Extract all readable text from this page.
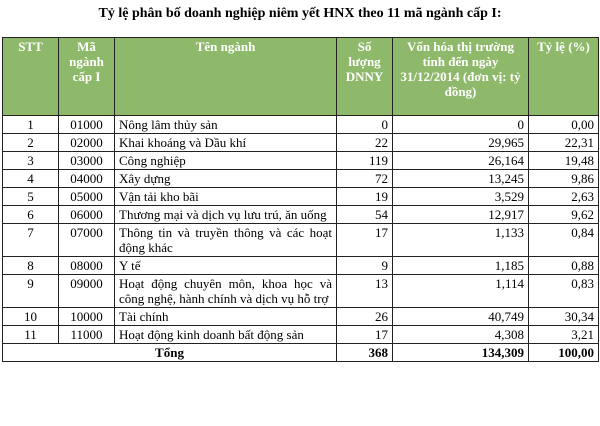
Tỷ lệ phân bố doanh nghiệp niêm yết HNX theo 11 mã ngành cấp I:
STT	Mã ngành cấp I	Tên ngành	Số lượng DNNY	Vốn hóa thị trường tính đến ngày 31/12/2014 (đơn vị: tỷ đồng)	Tỷ lệ (%)
1	01000	Nông lâm thủy sản	0	0	0,00
2	02000	Khai khoáng và Dầu khí	22	29,965	22,31
3	03000	Công nghiệp	119	26,164	19,48
4	04000	Xây dựng	72	13,245	9,86
5	05000	Vận tải kho bãi	19	3,529	2,63
6	06000	Thương mại và dịch vụ lưu trú, ăn uống	54	12,917	9,62
7	07000	Thông tin và truyền thông và các hoạt động khác	17	1,133	0,84
8	08000	Y tế	9	1,185	0,88
9	09000	Hoạt động chuyên môn, khoa học và công nghệ, hành chính và dịch vụ hỗ trợ	13	1,114	0,83
10	10000	Tài chính	26	40,749	30,34
11	11000	Hoạt động kinh doanh bất động sản	17	4,308	3,21
Tổng			368	134,309	100,00
